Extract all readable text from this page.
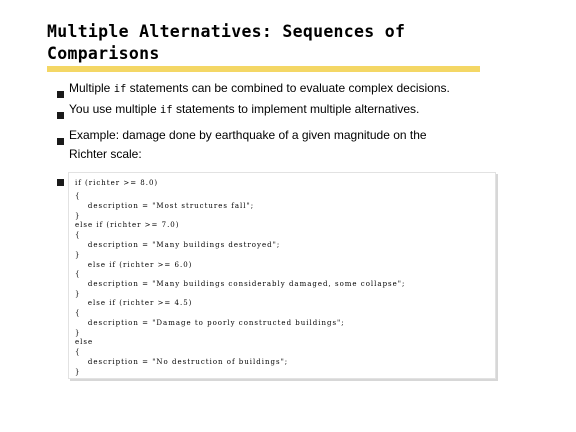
Multiple Alternatives: Sequences of
Comparisons
Multiple if statements can be combined to evaluate complex decisions.
You use multiple if statements to implement multiple alternatives.
Example: damage done by earthquake of a given magnitude on the
Richter scale:
if (richter >= 8.0)
{
description = "Most structures fall";
}
else if (richter >= 7.0)
{
description = "Many buildings destroyed";
}
else if (richter >= 6.0)
{
description = "Many buildings considerably damaged, some collapse";
}
else if (richter >= 4.5)
{
description = "Damage to poorly constructed buildings";
}
else
{
description = "No destruction of buildings";
}
